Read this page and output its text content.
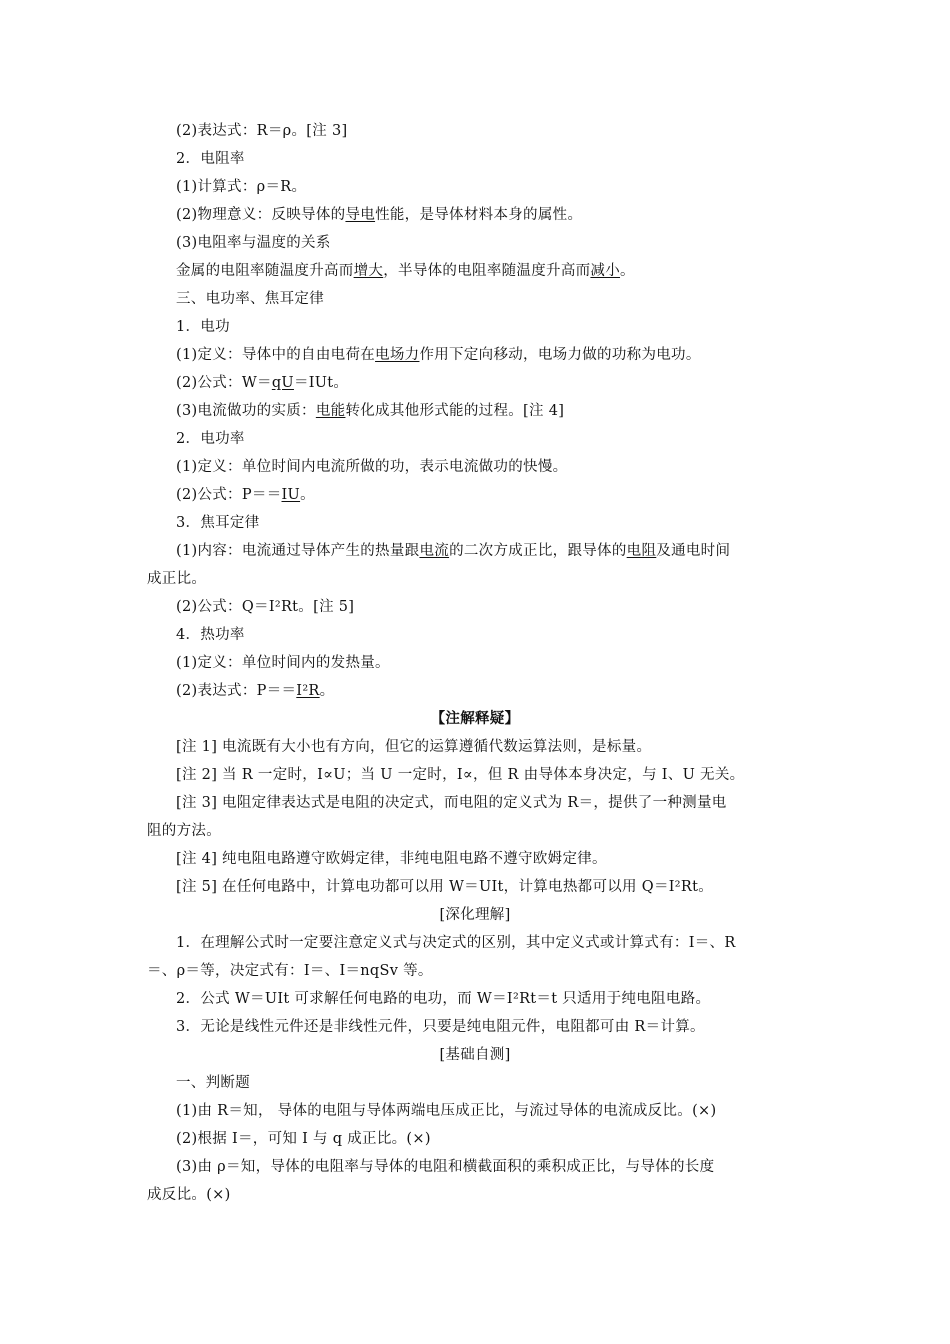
(2)表达式：R＝ρ。[注 3]
2．电阻率
(1)计算式：ρ＝R。
(2)物理意义：反映导体的导电性能，是导体材料本身的属性。
(3)电阻率与温度的关系
金属的电阻率随温度升高而增大，半导体的电阻率随温度升高而减小。
三、电功率、焦耳定律
1．电功
(1)定义：导体中的自由电荷在电场力作用下定向移动，电场力做的功称为电功。
(2)公式：W＝qU＝IUt。
(3)电流做功的实质：电能转化成其他形式能的过程。[注 4]
2．电功率
(1)定义：单位时间内电流所做的功，表示电流做功的快慢。
(2)公式：P＝＝IU。
3．焦耳定律
(1)内容：电流通过导体产生的热量跟电流的二次方成正比，跟导体的电阻及通电时间
成正比。
(2)公式：Q＝I²Rt。[注 5]
4．热功率
(1)定义：单位时间内的发热量。
(2)表达式：P＝＝I²R。
【注解释疑】
[注 1] 电流既有大小也有方向，但它的运算遵循代数运算法则，是标量。
[注 2] 当 R 一定时，I∝U；当 U 一定时，I∝，但 R 由导体本身决定，与 I、U 无关。
[注 3] 电阻定律表达式是电阻的决定式，而电阻的定义式为 R＝，提供了一种测量电
阻的方法。
[注 4] 纯电阻电路遵守欧姆定律，非纯电阻电路不遵守欧姆定律。
[注 5] 在任何电路中，计算电功都可以用 W＝UIt，计算电热都可以用 Q＝I²Rt。
[深化理解]
1．在理解公式时一定要注意定义式与决定式的区别，其中定义式或计算式有：I＝、R
＝、ρ＝等，决定式有：I＝、I＝nqSv 等。
2．公式 W＝UIt 可求解任何电路的电功，而 W＝I²Rt＝t 只适用于纯电阻电路。
3．无论是线性元件还是非线性元件，只要是纯电阻元件，电阻都可由 R＝计算。
[基础自测]
一、判断题
(1)由 R＝知， 导体的电阻与导体两端电压成正比，与流过导体的电流成反比。(×)
(2)根据 I＝，可知 I 与 q 成正比。(×)
(3)由 ρ＝知，导体的电阻率与导体的电阻和横截面积的乘积成正比，与导体的长度
成反比。(×)
